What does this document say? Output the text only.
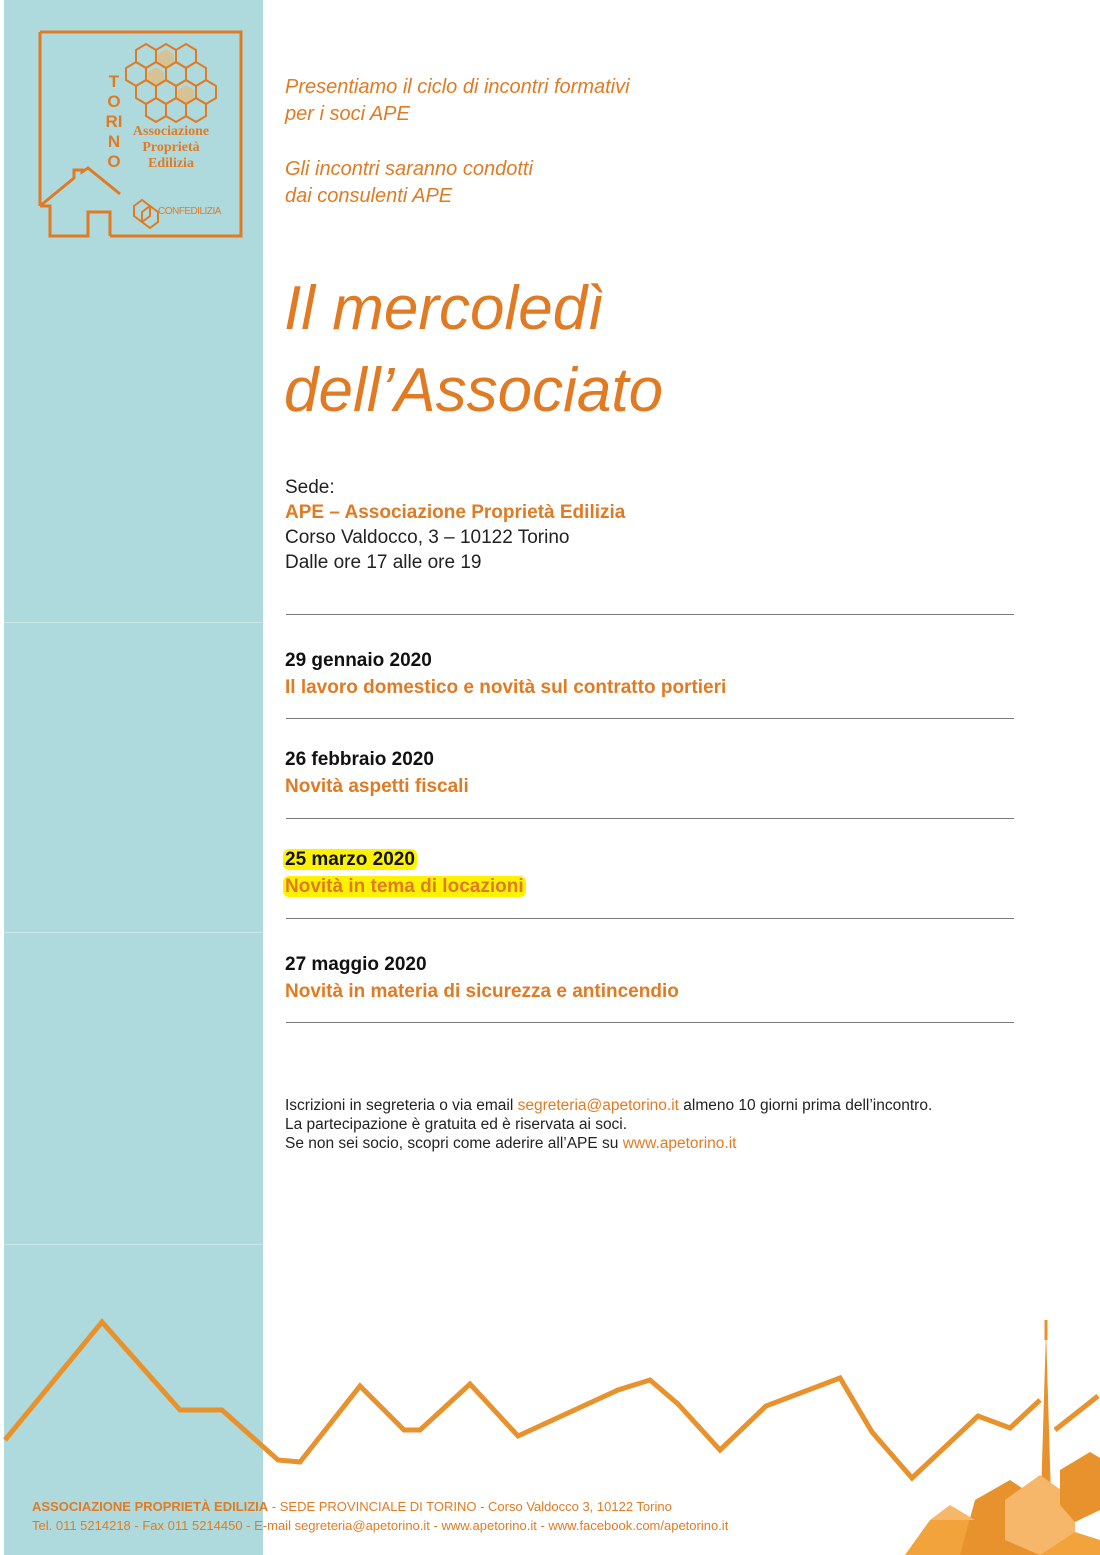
TORINO
Associazione
Proprietà
Edilizia
CONFEDILIZIA

Presentiamo il ciclo di incontri formativi

per i soci APE

Gli incontri saranno condotti

dai consulenti APE

Il mercoledì
dell’Associato
Sede:
APE – Associazione Proprietà Edilizia
Corso Valdocco, 3 – 10122 Torino
Dalle ore 17 alle ore 19
29 gennaio 2020
Il lavoro domestico e novità sul contratto portieri
26 febbraio 2020
Novità aspetti fiscali
25 marzo 2020
Novità in tema di locazioni
27 maggio 2020
Novità in materia di sicurezza e antincendio

Iscrizioni in segreteria o via email segreteria@apetorino.it almeno 10 giorni prima dell’incontro.

La partecipazione è gratuita ed è riservata ai soci.

Se non sei socio, scopri come aderire all’APE su www.apetorino.it

ASSOCIAZIONE PROPRIETÀ EDILIZIA - SEDE PROVINCIALE DI TORINO - Corso Valdocco 3, 10122 Torino
Tel. 011 5214218 - Fax 011 5214450 - E-mail segreteria@apetorino.it - www.apetorino.it - www.facebook.com/apetorino.it
